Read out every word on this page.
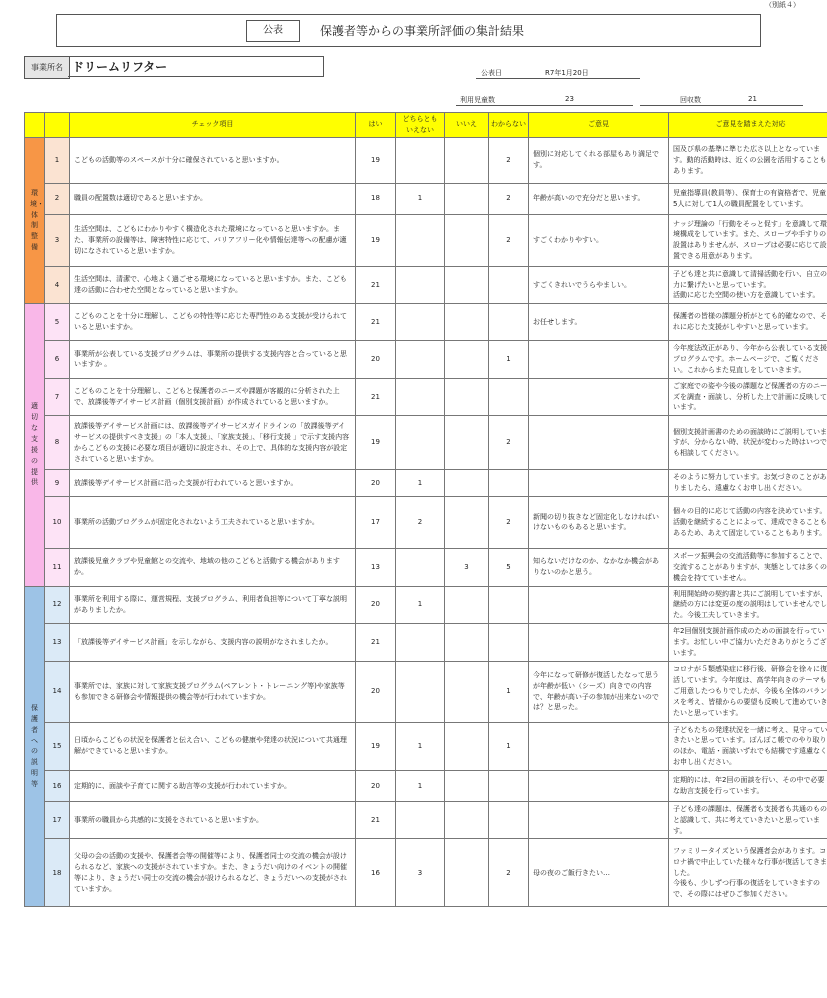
（別紙４）
公表	保護者等からの事業所評価の集計結果
事業所名 ドリームリフター	公表日	R7年1月20日
利用児童数	23	回収数	21
		チェック項目	はい	どちらとも
いえない	いいえ	わからない	ご意見	ご意見を踏まえた対応
環境・体制整備	1	こどもの活動等のスペースが十分に確保されていると思いますか。	19			2	個別に対応してくれる部屋もあり満足です。	国及び県の基準に準じた広さ以上となっています。動的活動時は、近くの公園を活用することもあります。
	2	職員の配置数は適切であると思いますか。	18	1		2	年齢が高いので充分だと思います。	児童指導員(教員等）、保育士の有資格者で、児童5人に対して1人の職員配置をしています。
	3	生活空間は、こどもにわかりやすく構造化された環境になっていると思いますか。また、事業所の設備等は、障害特性に応じて、バリアフリー化や情報伝達等への配慮が適切になされていると思いますか。	19			2	すごくわかりやすい。	ナッジ理論の「行動をそっと促す」を意識して環境構成をしています。また、スロープや手すりの設置はありませんが、スロープは必要に応じて設置できる用意があります。
	4	生活空間は、清潔で、心地よく過ごせる環境になっていると思いますか。また、こども達の活動に合わせた空間となっていると思いますか。	21				すごくきれいでうらやましい。	子ども達と共に意識して清掃活動を行い、自立の力に繋げたいと思っています。
活動に応じた空間の使い方を意識しています。
適切な支援の提供	5	こどものことを十分に理解し、こどもの特性等に応じた専門性のある支援が受けられていると思いますか。	21				お任せします。	保護者の皆様の課題分析がとても的確なので、それに応じた支援がしやすいと思っています。
	6	事業所が公表している支援プログラムは、事業所の提供する支援内容と合っていると思いますか 。	20			1		今年度法改正があり、今年から公表している支援プログラムです。ホームページで、ご覧ください。これからまた見直しをしていきます。
	7	こどものことを十分理解し、こどもと保護者のニーズや課題が客観的に分析された上で、放課後等デイサービス計画（個別支援計画）が作成されていると思いますか。	21					ご家庭での姿や今後の課題など保護者の方のニーズを調査・面談し、分析した上で計画に反映しています。
	8	放課後等デイサービス計画には、放課後等デイサービスガイドラインの「放課後等デイサービスの提供すべき支援」の「本人支援」、「家族支援」、「移行支援 」で示す支援内容からこどもの支援に必要な項目が適切に設定され、その上で、具体的な支援内容が設定されていると思いますか。	19			2		個別支援計画書のための面談時にご説明していますが、分からない時、状況が変わった時はいつでも相談してください。
	9	放課後等デイサービス計画に沿った支援が行われていると思いますか。	20	1				そのように努力しています。お気づきのことがありましたら、遠慮なくお申し出ください。
	10	事業所の活動プログラムが固定化されないよう工夫されていると思いますか。	17	2		2	新聞の切り抜きなど固定化しなければいけないものもあると思います。	個々の目的に応じて活動の内容を決めています。活動を継続することによって、達成できることもあるため、あえて固定していることもあります。
	11	放課後児童クラブや児童館との交流や、地域の他のこどもと活動する機会がありますか。	13		3	5	知らないだけなのか、なかなか機会がありないのかと思う。	スポーツ振興会の交流活動等に参加することで、交流することがありますが、実態としては多くの機会を持てていません。
保護者への説明等	12	事業所を利用する際に、運営規程、支援プログラム、利用者負担等について丁寧な説明がありましたか。	20	1				利用開始時の契約書と共にご説明していますが、継続の方には変更の度の説明はしていませんでした。今後工夫していきます。
	13	「放課後等デイサービス計画」を示しながら、支援内容の説明がなされましたか。	21					年2回個別支援計画作成のための面談を行っています。お忙しい中ご協力いただきありがとうございます。
	14	事業所では、家族に対して家族支援プログラム(ペアレント・トレーニング等)や家族等も参加できる研修会や情報提供の機会等が行われていますか。	20			1	今年になって研修が復活したなって思うが年齢が低い（シーズ）向きでの内容で、年齢が高い子の参加が出来ないのでは？と思った。	コロナが５類感染症に移行後、研修会を徐々に復活しています。今年度は、高学年向きのテーマもご用意したつもりでしたが、今後も全体のバランスを考え、皆様からの要望も反映して進めていきたいと思っています。
	15	日頃からこどもの状況を保護者と伝え合い、こどもの健康や発達の状況について共通理解ができていると思いますか。	19	1		1		子どもたちの発達状況を一緒に考え、見守っていきたいと思っています。ぽんぽこ帳でのやり取りのほか、電話・面談いずれでも結構です遠慮なくお申し出ください。
	16	定期的に、面談や子育てに関する助言等の支援が行われていますか。	20	1				定期的には、年2回の面談を行い、その中で必要な助言支援を行っています。
	17	事業所の職員から共感的に支援をされていると思いますか。	21					子ども達の課題は、保護者も支援者も共通のものと認識して、共に考えていきたいと思っています。
	18	父母の会の活動の支援や、保護者会等の開催等により、保護者同士の交流の機会が設けられるなど、家族への支援がされていますか。また、きょうだい向けのイベントの開催等により、きょうだい同士の交流の機会が設けられるなど、きょうだいへの支援がされていますか。	16	3		2	母の夜のご飯行きたい…	ファミリータイズという保護者会があります。コロナ禍で中止していた様々な行事が復活してきました。
今後も、少しずつ行事の復活をしていきますので、その際にはぜひご参加ください。
